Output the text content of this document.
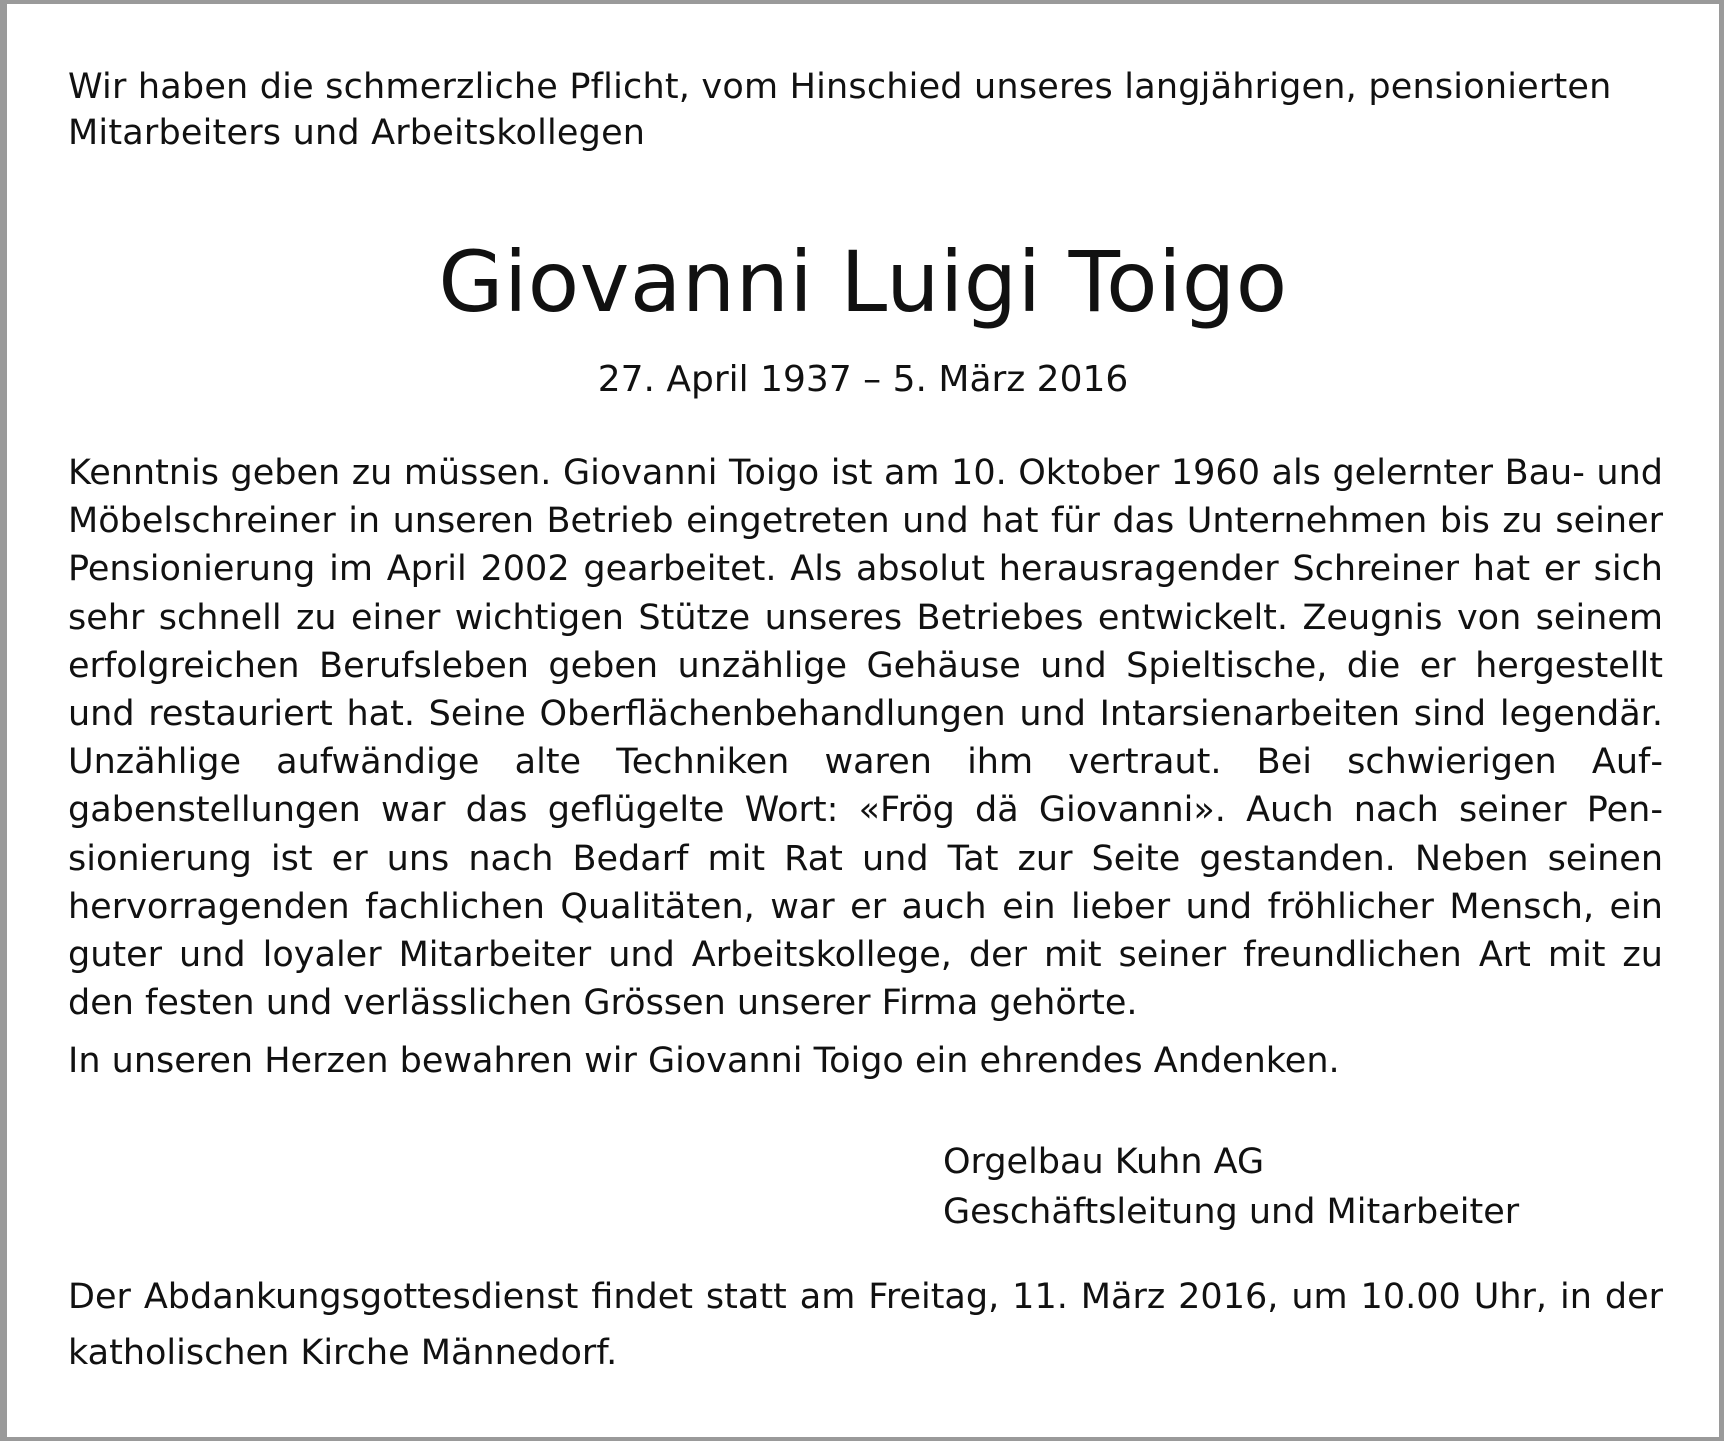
Wir haben die schmerzliche Pflicht, vom Hinschied unseres langjährigen, pensionierten Mitarbeiters und Arbeitskollegen
Giovanni Luigi Toigo
27. April 1937 – 5. März 2016
Kenntnis geben zu müssen. Giovanni Toigo ist am 10. Oktober 1960 als gelernter Bau- und Möbelschreiner in unseren Betrieb eingetreten und hat für das Unternehmen bis zu seiner Pensionierung im April 2002 gearbeitet. Als absolut herausragender Schreiner hat er sich sehr schnell zu einer wichtigen Stütze unseres Betriebes entwickelt. Zeugnis von seinem erfolgreichen Berufsleben geben unzählige Gehäuse und Spieltische, die er hergestellt und restauriert hat. Seine Oberflächenbehandlungen und Intarsienarbeiten sind legendär. Unzählige aufwändige alte Techniken waren ihm vertraut. Bei schwierigen Aufgabenstellungen war das geflügelte Wort: «Frög dä Giovanni». Auch nach seiner Pensionierung ist er uns nach Bedarf mit Rat und Tat zur Seite gestanden. Neben seinen hervorragenden fachlichen Qualitäten, war er auch ein lieber und fröhlicher Mensch, ein guter und loyaler Mitarbeiter und Arbeitskollege, der mit seiner freundlichen Art mit zu den festen und verlässlichen Grössen unserer Firma gehörte.
In unseren Herzen bewahren wir Giovanni Toigo ein ehrendes Andenken.
Orgelbau Kuhn AG
Geschäftsleitung und Mitarbeiter
Der Abdankungsgottesdienst findet statt am Freitag, 11. März 2016, um 10.00 Uhr, in der katholischen Kirche Männedorf.
